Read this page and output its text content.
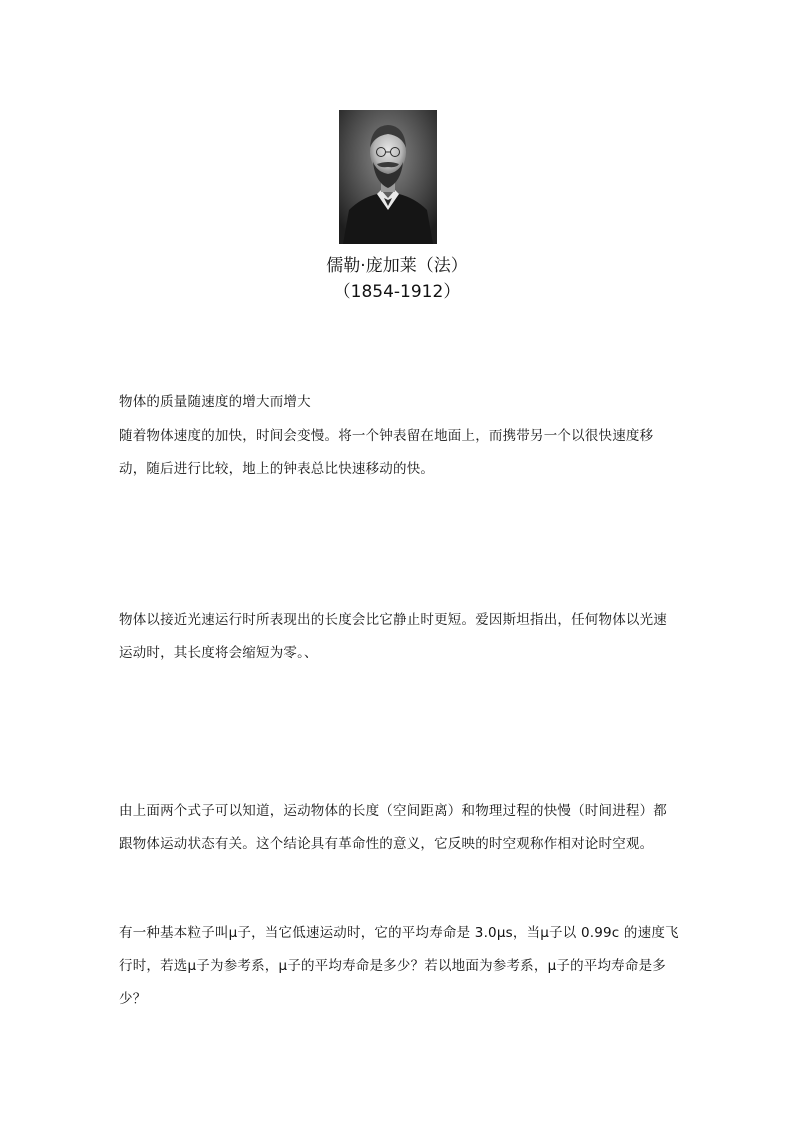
儒勒·庞加莱（法）
（1854-1912）

物体的质量随速度的增大而增大

随着物体速度的加快，时间会变慢。将一个钟表留在地面上，而携带另一个以很快速度移动，随后进行比较，地上的钟表总比快速移动的快。

物体以接近光速运行时所表现出的长度会比它静止时更短。爱因斯坦指出，任何物体以光速运动时，其长度将会缩短为零。、

由上面两个式子可以知道，运动物体的长度（空间距离）和物理过程的快慢（时间进程）都跟物体运动状态有关。这个结论具有革命性的意义，它反映的时空观称作相对论时空观。

有一种基本粒子叫μ子，当它低速运动时，它的平均寿命是 3.0μs，当μ子以 0.99c 的速度飞行时，若选μ子为参考系，μ子的平均寿命是多少？若以地面为参考系，μ子的平均寿命是多少？
